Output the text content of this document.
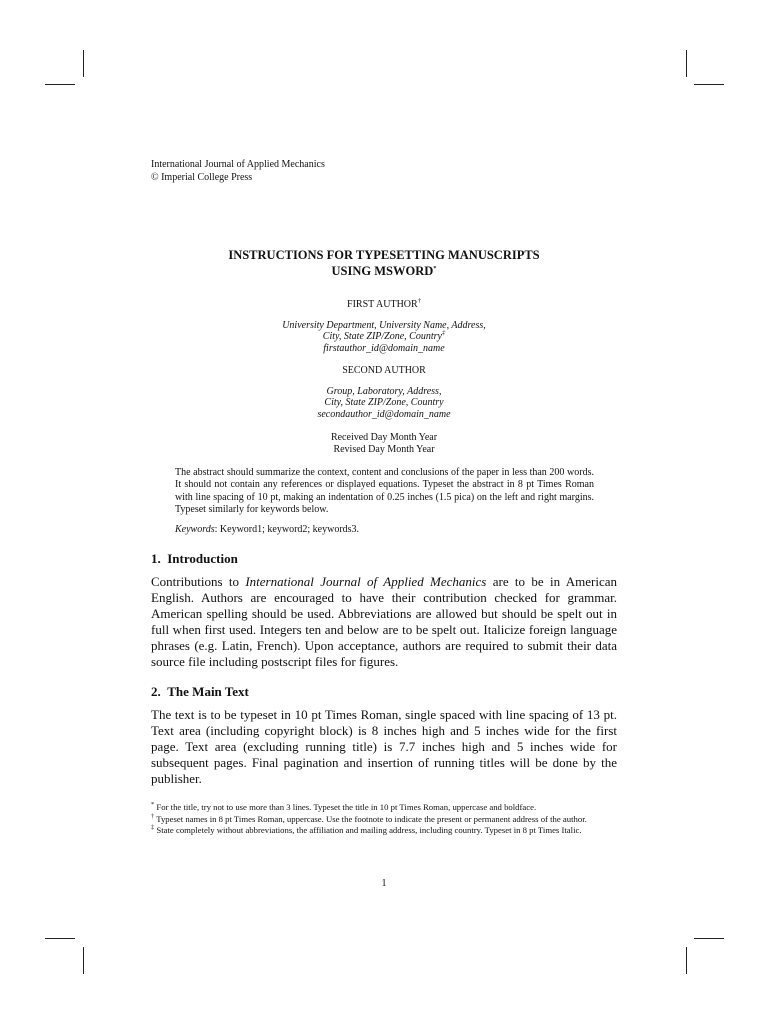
International Journal of Applied Mechanics
© Imperial College Press
INSTRUCTIONS FOR TYPESETTING MANUSCRIPTS
USING MSWORD*
FIRST AUTHOR†
University Department, University Name, Address,
City, State ZIP/Zone, Country‡
firstauthor_id@domain_name
SECOND AUTHOR
Group, Laboratory, Address,
City, State ZIP/Zone, Country
secondauthor_id@domain_name
Received Day Month Year
Revised Day Month Year
The abstract should summarize the context, content and conclusions of the paper in less than 200 words. It should not contain any references or displayed equations. Typeset the abstract in 8 pt Times Roman with line spacing of 10 pt, making an indentation of 0.25 inches (1.5 pica) on the left and right margins. Typeset similarly for keywords below.
Keywords: Keyword1; keyword2; keywords3.
1.  Introduction
Contributions to International Journal of Applied Mechanics are to be in American
English. Authors are encouraged to have their contribution checked for grammar.
American spelling should be used. Abbreviations are allowed but should be spelt out in
full when first used. Integers ten and below are to be spelt out. Italicize foreign language
phrases (e.g. Latin, French). Upon acceptance, authors are required to submit their data
source file including postscript files for figures.
2.  The Main Text
The text is to be typeset in 10 pt Times Roman, single spaced with line spacing of 13 pt.
Text area (including copyright block) is 8 inches high and 5 inches wide for the first
page. Text area (excluding running title) is 7.7 inches high and 5 inches wide for
subsequent pages. Final pagination and insertion of running titles will be done by the
publisher.
* For the title, try not to use more than 3 lines. Typeset the title in 10 pt Times Roman, uppercase and boldface.
† Typeset names in 8 pt Times Roman, uppercase. Use the footnote to indicate the present or permanent address of the author.
‡ State completely without abbreviations, the affiliation and mailing address, including country. Typeset in 8 pt Times Italic.
1
